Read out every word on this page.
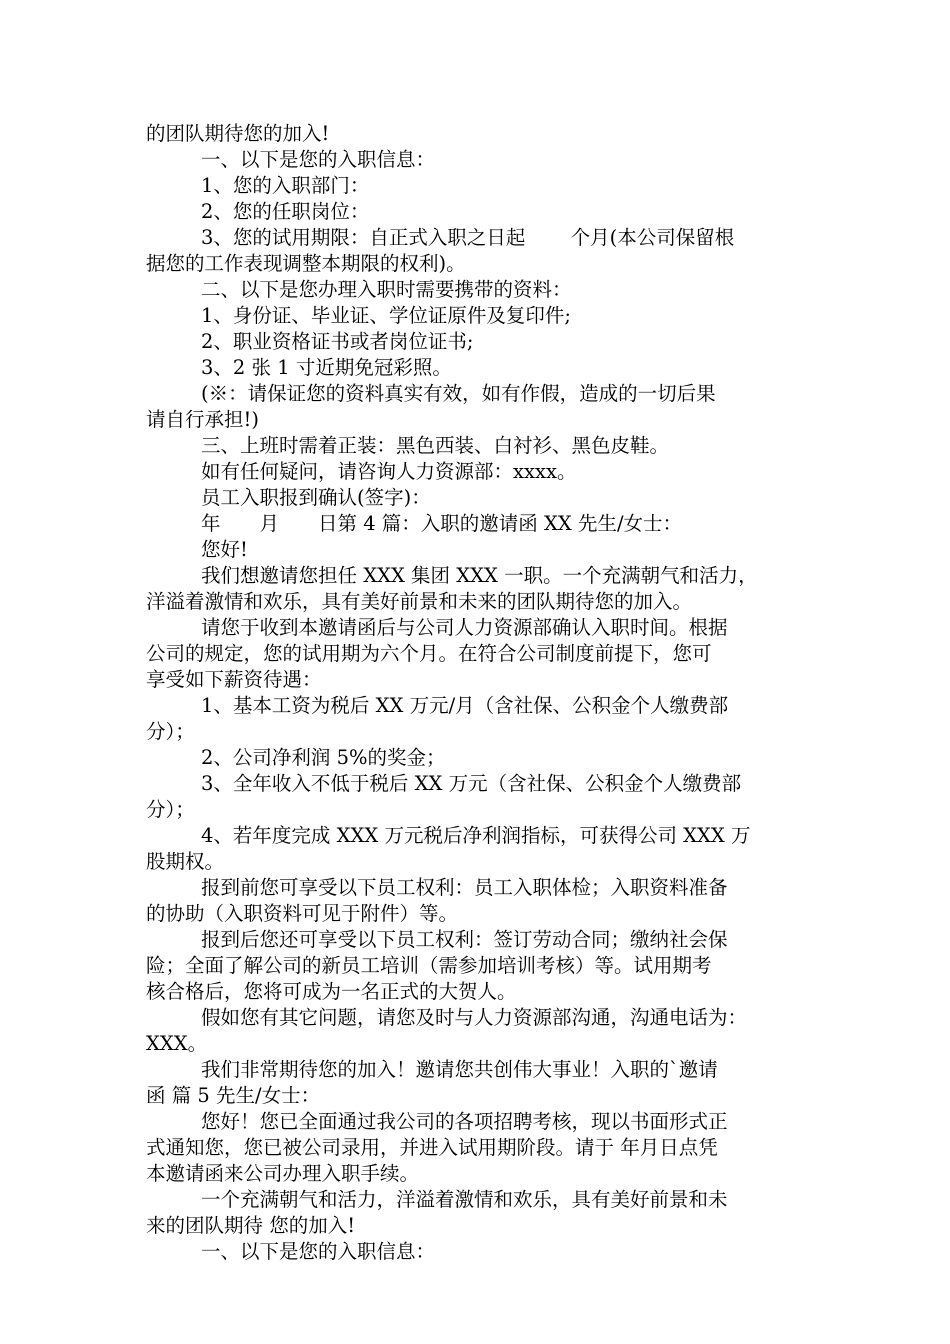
的团队期待您的加入!
一、以下是您的入职信息：
1、您的入职部门：
2、您的任职岗位：
3、您的试用期限：自正式入职之日起　　 个月(本公司保留根
据您的工作表现调整本期限的权利)。
二、以下是您办理入职时需要携带的资料：
1、身份证、毕业证、学位证原件及复印件;
2、职业资格证书或者岗位证书;
3、2 张 1 寸近期免冠彩照。
(※：请保证您的资料真实有效，如有作假，造成的一切后果
请自行承担!)
三、上班时需着正装：黑色西装、白衬衫、黑色皮鞋。
如有任何疑问，请咨询人力资源部：xxxx。
员工入职报到确认(签字)：
年　　月　　日第 4 篇：入职的邀请函 XX 先生/女士：
您好!
我们想邀请您担任 XXX 集团 XXX 一职。一个充满朝气和活力，
洋溢着激情和欢乐，具有美好前景和未来的团队期待您的加入。
请您于收到本邀请函后与公司人力资源部确认入职时间。根据
公司的规定，您的试用期为六个月。在符合公司制度前提下，您可
享受如下薪资待遇：
1、基本工资为税后 XX 万元/月（含社保、公积金个人缴费部
分）；
2、公司净利润 5%的奖金；
3、全年收入不低于税后 XX 万元（含社保、公积金个人缴费部
分）；
4、若年度完成 XXX 万元税后净利润指标，可获得公司 XXX 万
股期权。
报到前您可享受以下员工权利：员工入职体检；入职资料准备
的协助（入职资料可见于附件）等。
报到后您还可享受以下员工权利：签订劳动合同；缴纳社会保
险；全面了解公司的新员工培训（需参加培训考核）等。试用期考
核合格后，您将可成为一名正式的大贺人。
假如您有其它问题，请您及时与人力资源部沟通，沟通电话为：
XXX。
我们非常期待您的加入！邀请您共创伟大事业！入职的`邀请
函 篇 5 先生/女士：
您好！您已全面通过我公司的各项招聘考核，现以书面形式正
式通知您，您已被公司录用，并进入试用期阶段。请于 年月日点凭
本邀请函来公司办理入职手续。
一个充满朝气和活力，洋溢着激情和欢乐，具有美好前景和未
来的团队期待 您的加入!
一、以下是您的入职信息：
